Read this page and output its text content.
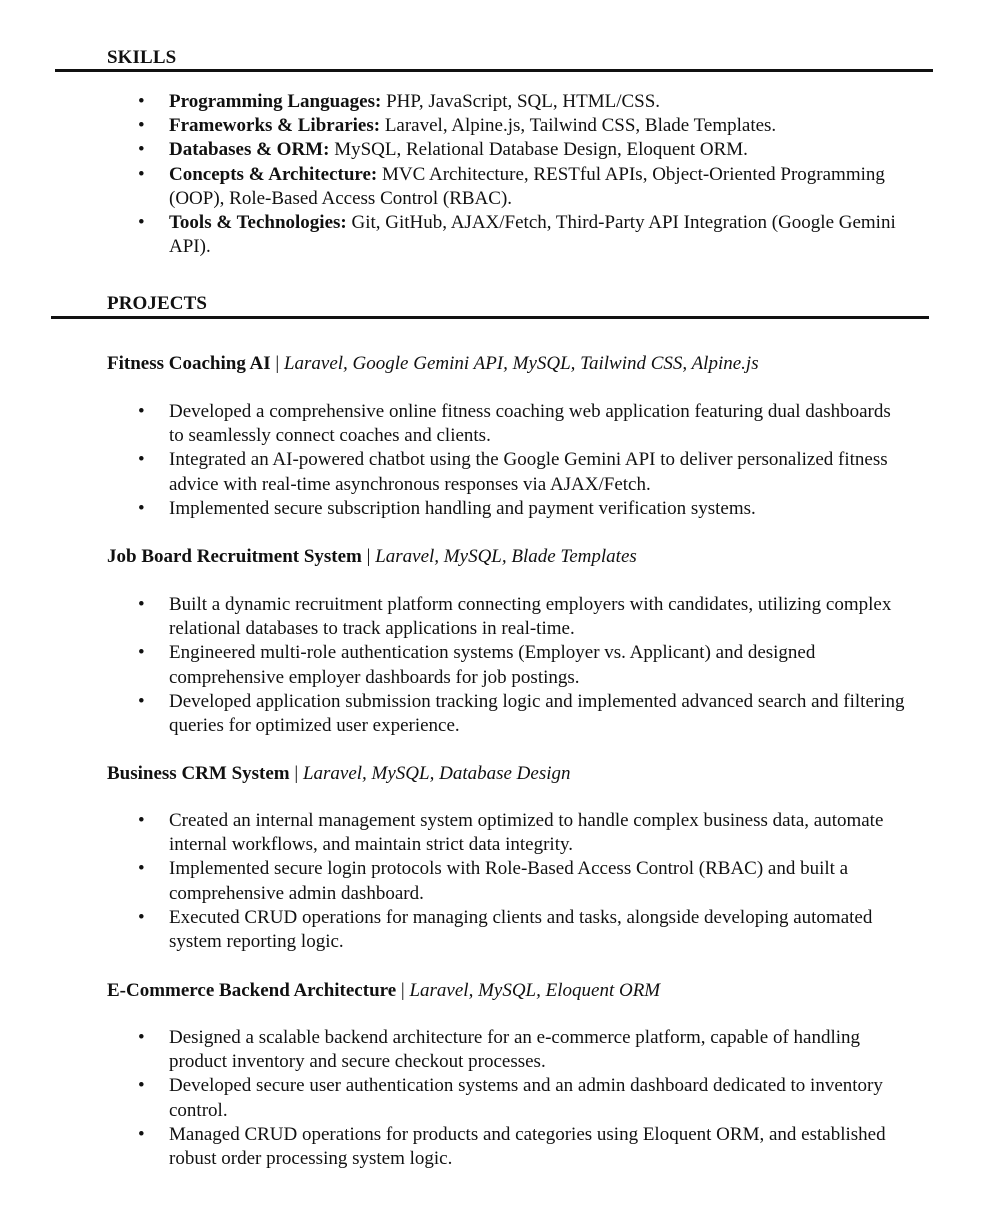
SKILLS
• Programming Languages: PHP, JavaScript, SQL, HTML/CSS.
• Frameworks & Libraries: Laravel, Alpine.js, Tailwind CSS, Blade Templates.
• Databases & ORM: MySQL, Relational Database Design, Eloquent ORM.
• Concepts & Architecture: MVC Architecture, RESTful APIs, Object-Oriented Programming (OOP), Role-Based Access Control (RBAC).
• Tools & Technologies: Git, GitHub, AJAX/Fetch, Third-Party API Integration (Google Gemini API).
PROJECTS
Fitness Coaching AI | Laravel, Google Gemini API, MySQL, Tailwind CSS, Alpine.js
• Developed a comprehensive online fitness coaching web application featuring dual dashboards to seamlessly connect coaches and clients.
• Integrated an AI-powered chatbot using the Google Gemini API to deliver personalized fitness advice with real-time asynchronous responses via AJAX/Fetch.
• Implemented secure subscription handling and payment verification systems.
Job Board Recruitment System | Laravel, MySQL, Blade Templates
• Built a dynamic recruitment platform connecting employers with candidates, utilizing complex relational databases to track applications in real-time.
• Engineered multi-role authentication systems (Employer vs. Applicant) and designed comprehensive employer dashboards for job postings.
• Developed application submission tracking logic and implemented advanced search and filtering queries for optimized user experience.
Business CRM System | Laravel, MySQL, Database Design
• Created an internal management system optimized to handle complex business data, automate internal workflows, and maintain strict data integrity.
• Implemented secure login protocols with Role-Based Access Control (RBAC) and built a comprehensive admin dashboard.
• Executed CRUD operations for managing clients and tasks, alongside developing automated system reporting logic.
E-Commerce Backend Architecture | Laravel, MySQL, Eloquent ORM
• Designed a scalable backend architecture for an e-commerce platform, capable of handling product inventory and secure checkout processes.
• Developed secure user authentication systems and an admin dashboard dedicated to inventory control.
• Managed CRUD operations for products and categories using Eloquent ORM, and established robust order processing system logic.
